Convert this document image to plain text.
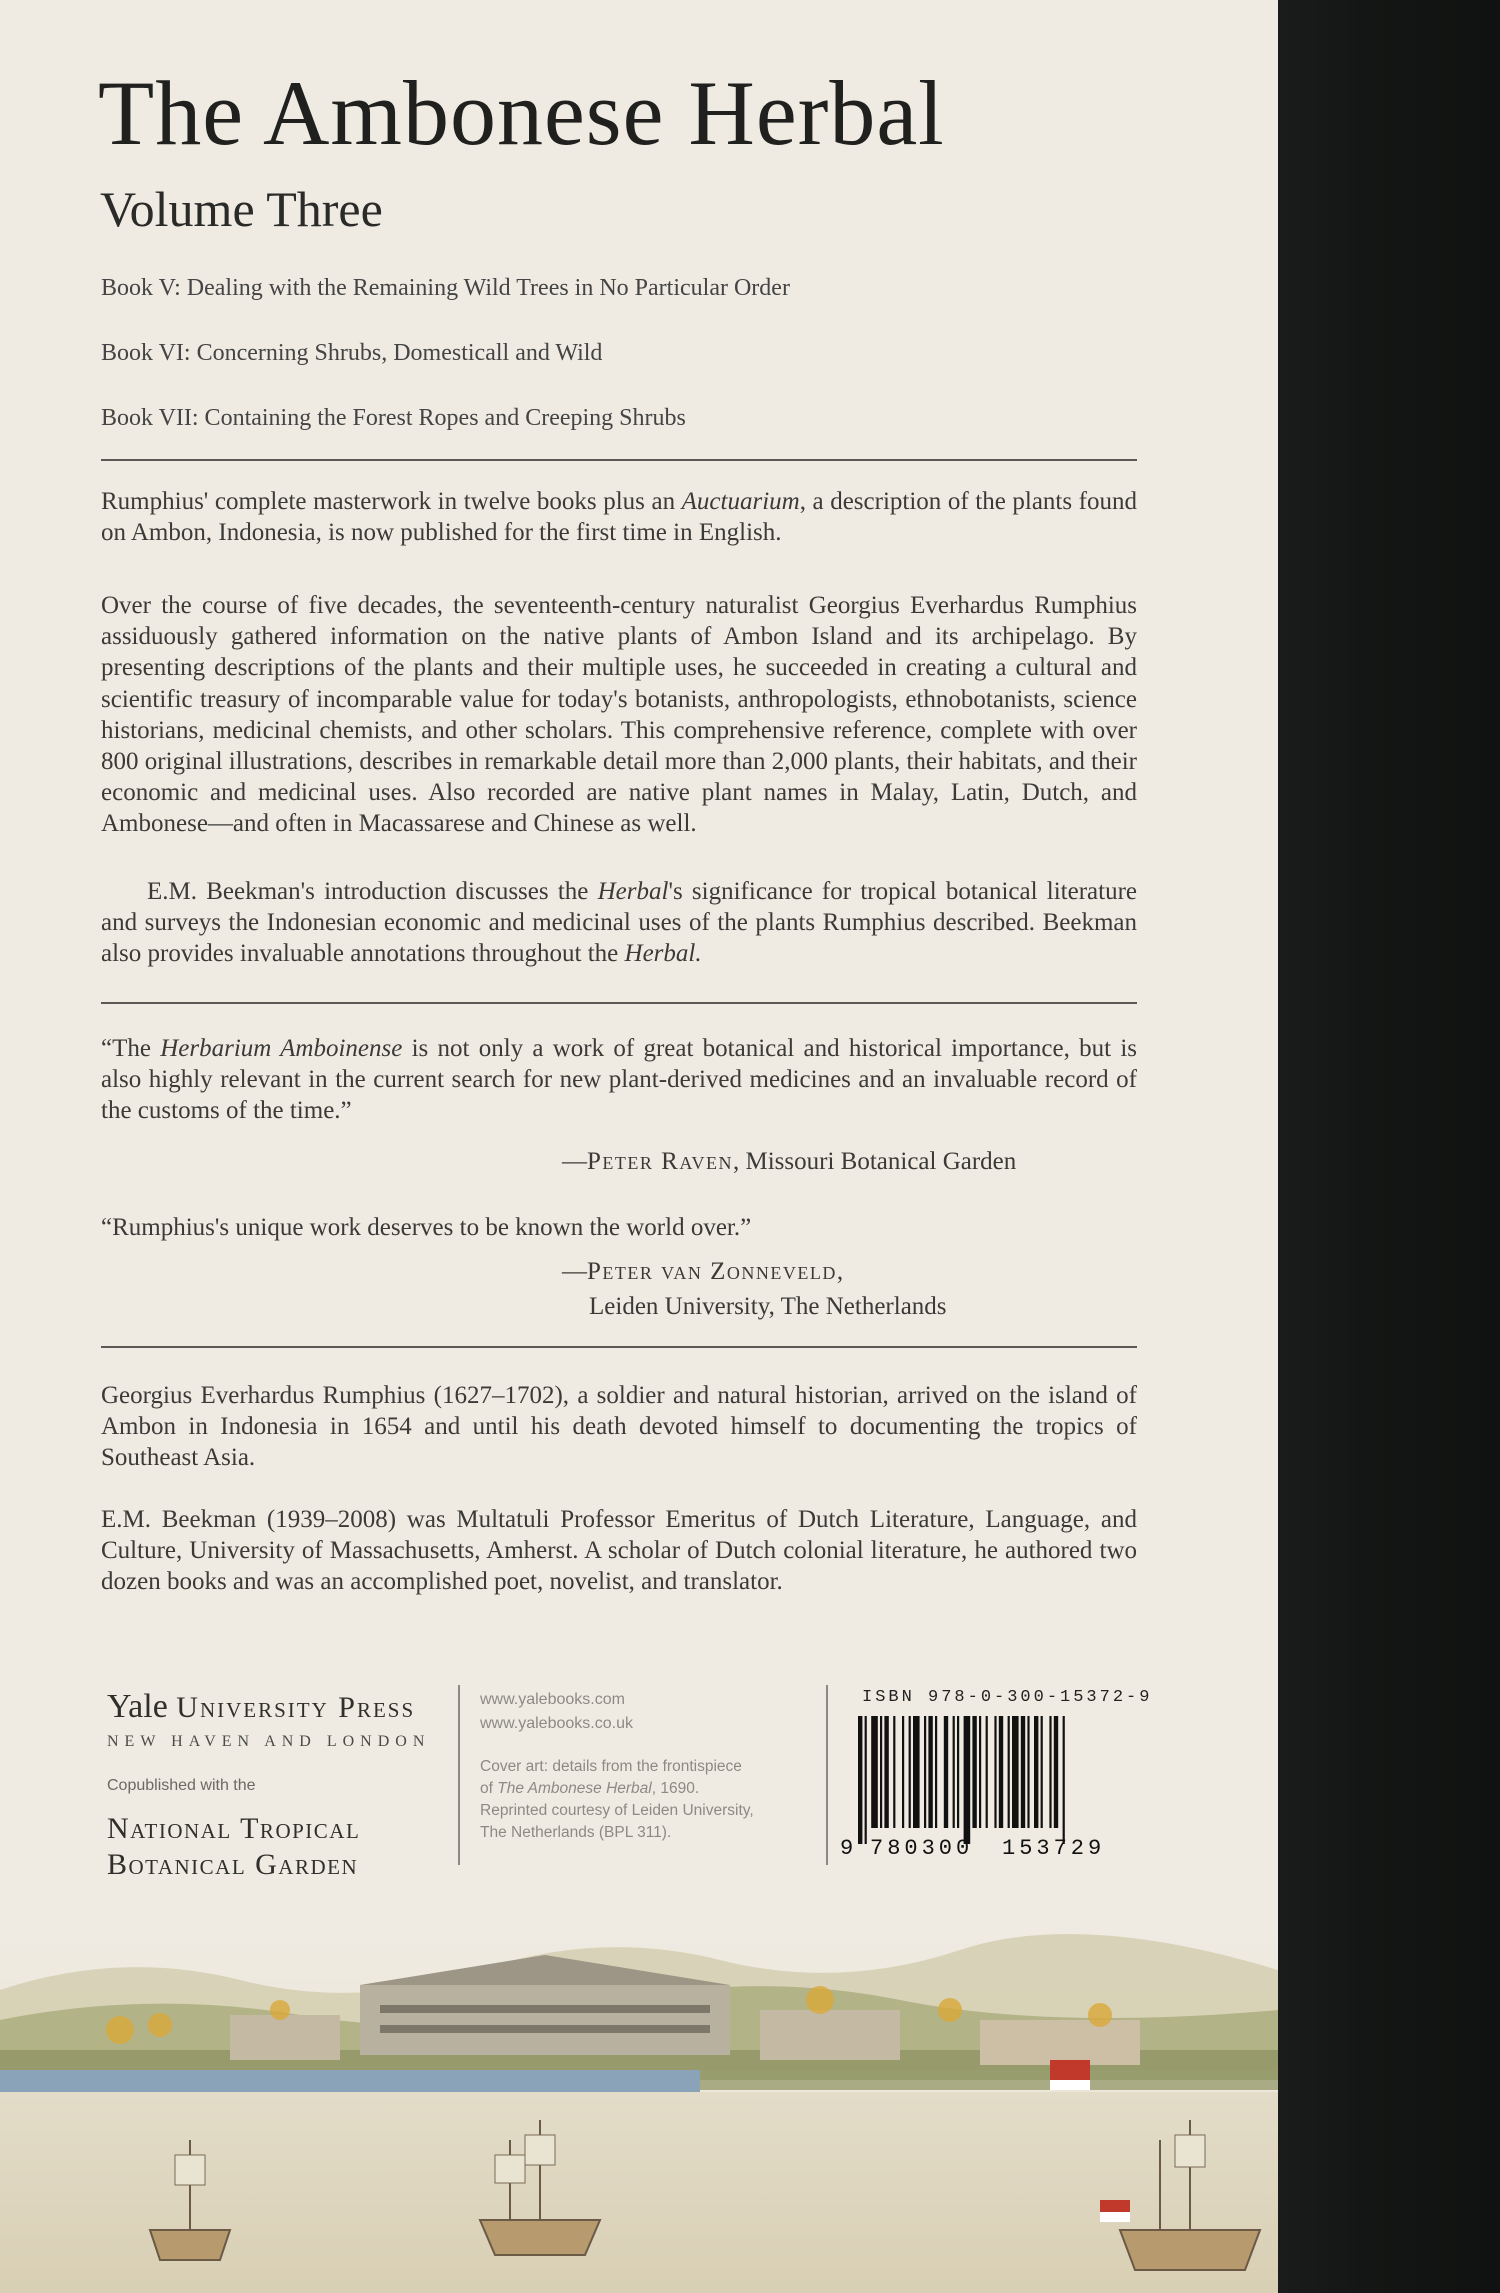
The Ambonese Herbal
Volume Three

Book V: Dealing with the Remaining Wild Trees in No Particular Order

Book VI: Concerning Shrubs, Domesticall and Wild

Book VII: Containing the Forest Ropes and Creeping Shrubs

Rumphius' complete masterwork in twelve books plus an Auctuarium, a description of the plants found on Ambon, Indonesia, is now published for the first time in English.

Over the course of five decades, the seventeenth-century naturalist Georgius Everhardus Rumphius assiduously gathered information on the native plants of Ambon Island and its archipelago. By presenting descriptions of the plants and their multiple uses, he succeeded in creating a cultural and scientific treasury of incomparable value for today's botanists, anthropologists, ethnobotanists, science historians, medicinal chemists, and other scholars. This comprehensive reference, complete with over 800 original illustrations, describes in remarkable detail more than 2,000 plants, their habitats, and their economic and medicinal uses. Also recorded are native plant names in Malay, Latin, Dutch, and Ambonese—and often in Macassarese and Chinese as well.

E.M. Beekman's introduction discusses the Herbal's significance for tropical botanical literature and surveys the Indonesian economic and medicinal uses of the plants Rumphius described. Beekman also provides invaluable annotations throughout the Herbal.

“The Herbarium Amboinense is not only a work of great botanical and historical importance, but is also highly relevant in the current search for new plant-derived medicines and an invaluable record of the customs of the time.”

—Peter Raven, Missouri Botanical Garden

“Rumphius's unique work deserves to be known the world over.”

—Peter van Zonneveld,
Leiden University, The Netherlands

Georgius Everhardus Rumphius (1627–1702), a soldier and natural historian, arrived on the island of Ambon in Indonesia in 1654 and until his death devoted himself to documenting the tropics of Southeast Asia.

E.M. Beekman (1939–2008) was Multatuli Professor Emeritus of Dutch Literature, Language, and Culture, University of Massachusetts, Amherst. A scholar of Dutch colonial literature, he authored two dozen books and was an accomplished poet, novelist, and translator.

Yale University Press
NEW HAVEN AND LONDON
Copublished with the
National Tropical
Botanical Garden
www.yalebooks.com
www.yalebooks.co.uk
Cover art: details from the frontispiece
of The Ambonese Herbal, 1690.
Reprinted courtesy of Leiden University,
The Netherlands (BPL 311).
ISBN 978-0-300-15372-9
9 780300 153729
